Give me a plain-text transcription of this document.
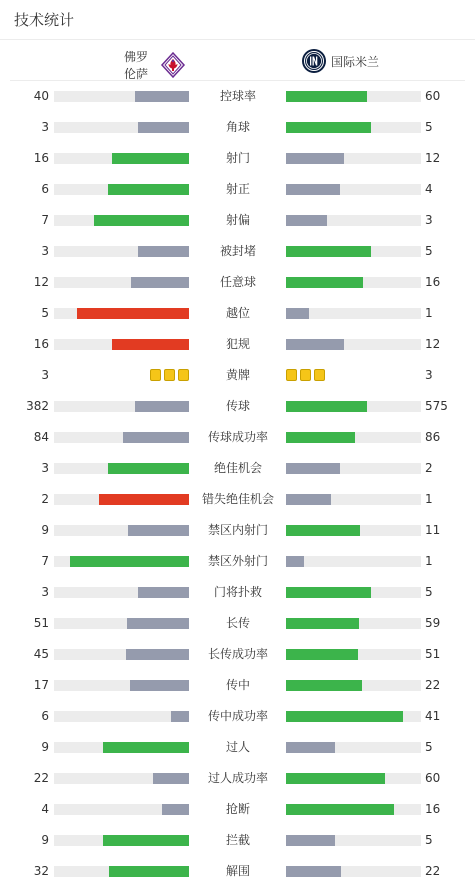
技术统计
佛罗伦萨
国际米兰
40	控球率	60
3	角球	5
16	射门	12
6	射正	4
7	射偏	3
3	被封堵	5
12	任意球	16
5	越位	1
16	犯规	12
3	黄牌	3
382	传球	575
84	传球成功率	86
3	绝佳机会	2
2	错失绝佳机会	1
9	禁区内射门	11
7	禁区外射门	1
3	门将扑救	5
51	长传	59
45	长传成功率	51
17	传中	22
6	传中成功率	41
9	过人	5
22	过人成功率	60
4	抢断	16
9	拦截	5
32	解围	22
